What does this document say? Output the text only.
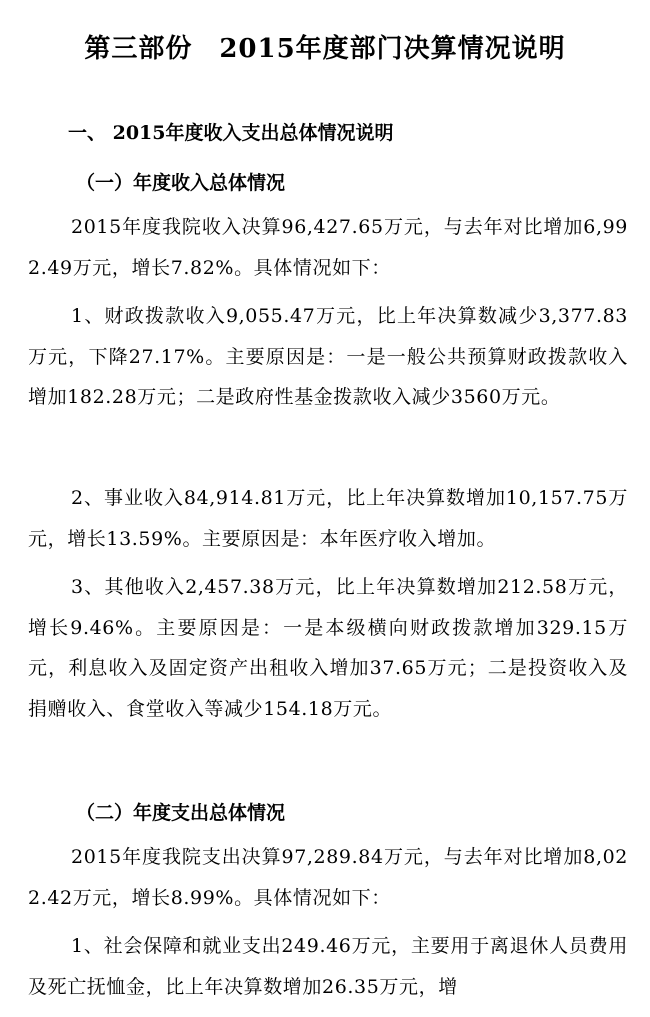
第三部份　2015年度部门决算情况说明
一、 2015年度收入支出总体情况说明
（一）年度收入总体情况

2015年度我院收入决算96,427.65万元，与去年对比增加6,992.49万元，增长7.82%。具体情况如下：

1、财政拨款收入9,055.47万元，比上年决算数减少3,377.83万元，下降27.17%。主要原因是：一是一般公共预算财政拨款收入增加182.28万元；二是政府性基金拨款收入减少3560万元。

2、事业收入84,914.81万元，比上年决算数增加10,157.75万元，增长13.59%。主要原因是：本年医疗收入增加。

3、其他收入2,457.38万元，比上年决算数增加212.58万元，增长9.46%。主要原因是：一是本级横向财政拨款增加329.15万元，利息收入及固定资产出租收入增加37.65万元；二是投资收入及捐赠收入、食堂收入等减少154.18万元。

（二）年度支出总体情况

2015年度我院支出决算97,289.84万元，与去年对比增加8,022.42万元，增长8.99%。具体情况如下：

1、社会保障和就业支出249.46万元，主要用于离退休人员费用及死亡抚恤金，比上年决算数增加26.35万元，增
